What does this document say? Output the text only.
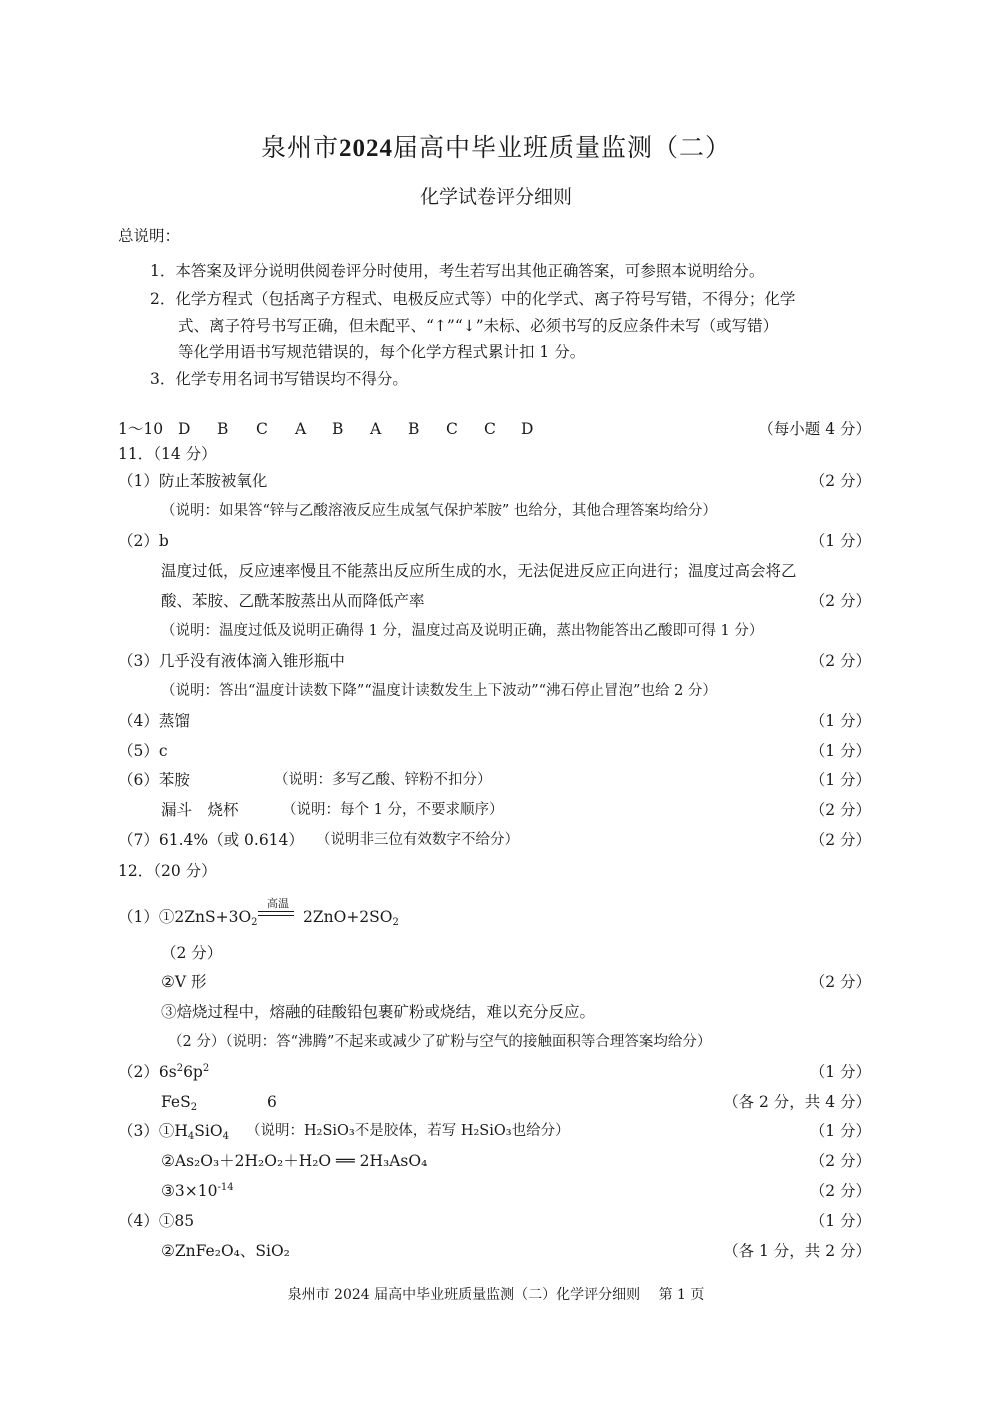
泉州市2024届高中毕业班质量监测（二）
化学试卷评分细则
总说明：
1．本答案及评分说明供阅卷评分时使用，考生若写出其他正确答案，可参照本说明给分。
2．化学方程式（包括离子方程式、电极反应式等）中的化学式、离子符号写错，不得分；化学
式、离子符号书写正确，但未配平、“↑”“↓”未标、必须书写的反应条件未写（或写错）
等化学用语书写规范错误的，每个化学方程式累计扣 1 分。
3．化学专用名词书写错误均不得分。
1～10 D B C A B A B C C D	（每小题 4 分）
11．（14 分）
（1）防止苯胺被氧化	（2 分）
（说明：如果答“锌与乙酸溶液反应生成氢气保护苯胺” 也给分，其他合理答案均给分）
（2）b	（1 分）
温度过低，反应速率慢且不能蒸出反应所生成的水，无法促进反应正向进行；温度过高会将乙
酸、苯胺、乙酰苯胺蒸出从而降低产率	（2 分）
（说明：温度过低及说明正确得 1 分，温度过高及说明正确，蒸出物能答出乙酸即可得 1 分）
（3）几乎没有液体滴入锥形瓶中	（2 分）
（说明：答出“温度计读数下降”“温度计读数发生上下波动”“沸石停止冒泡”也给 2 分）
（4）蒸馏	（1 分）
（5）c	（1 分）
（6）苯胺	（说明：多写乙酸、锌粉不扣分）	（1 分）
漏斗　烧杯	（说明：每个 1 分，不要求顺序）	（2 分）
（7）61.4%（或 0.614） （说明非三位有效数字不给分）	（2 分）
12．（20 分）
$(1)①2ZnS+3O_2$
高温
$2ZnO+2SO_2$
（2 分）
②V 形	（2 分）
③焙烧过程中，熔融的硅酸铅包裹矿粉或烧结，难以充分反应。
（2 分）（说明：答“沸腾”不起来或减少了矿粉与空气的接触面积等合理答案均给分）
$(2)6s^26p^2$	（1 分）
FeS$_2$	6	（各 2 分，共 4 分）
$(3)①H_4SiO_4$ （说明：H₂SiO₃不是胶体，若写 H₂SiO₃也给分）	（1 分）
②As₂O₃＋2H₂O₂＋H₂O ══ 2H₃AsO₄	（2 分）
$③3\times 10^{-14}$	（2 分）
（4）①85	（1 分）
②ZnFe₂O₄、SiO₂	（各 1 分，共 2 分）
泉州市 2024 届高中毕业班质量监测（二）化学评分细则　 第 1 页
